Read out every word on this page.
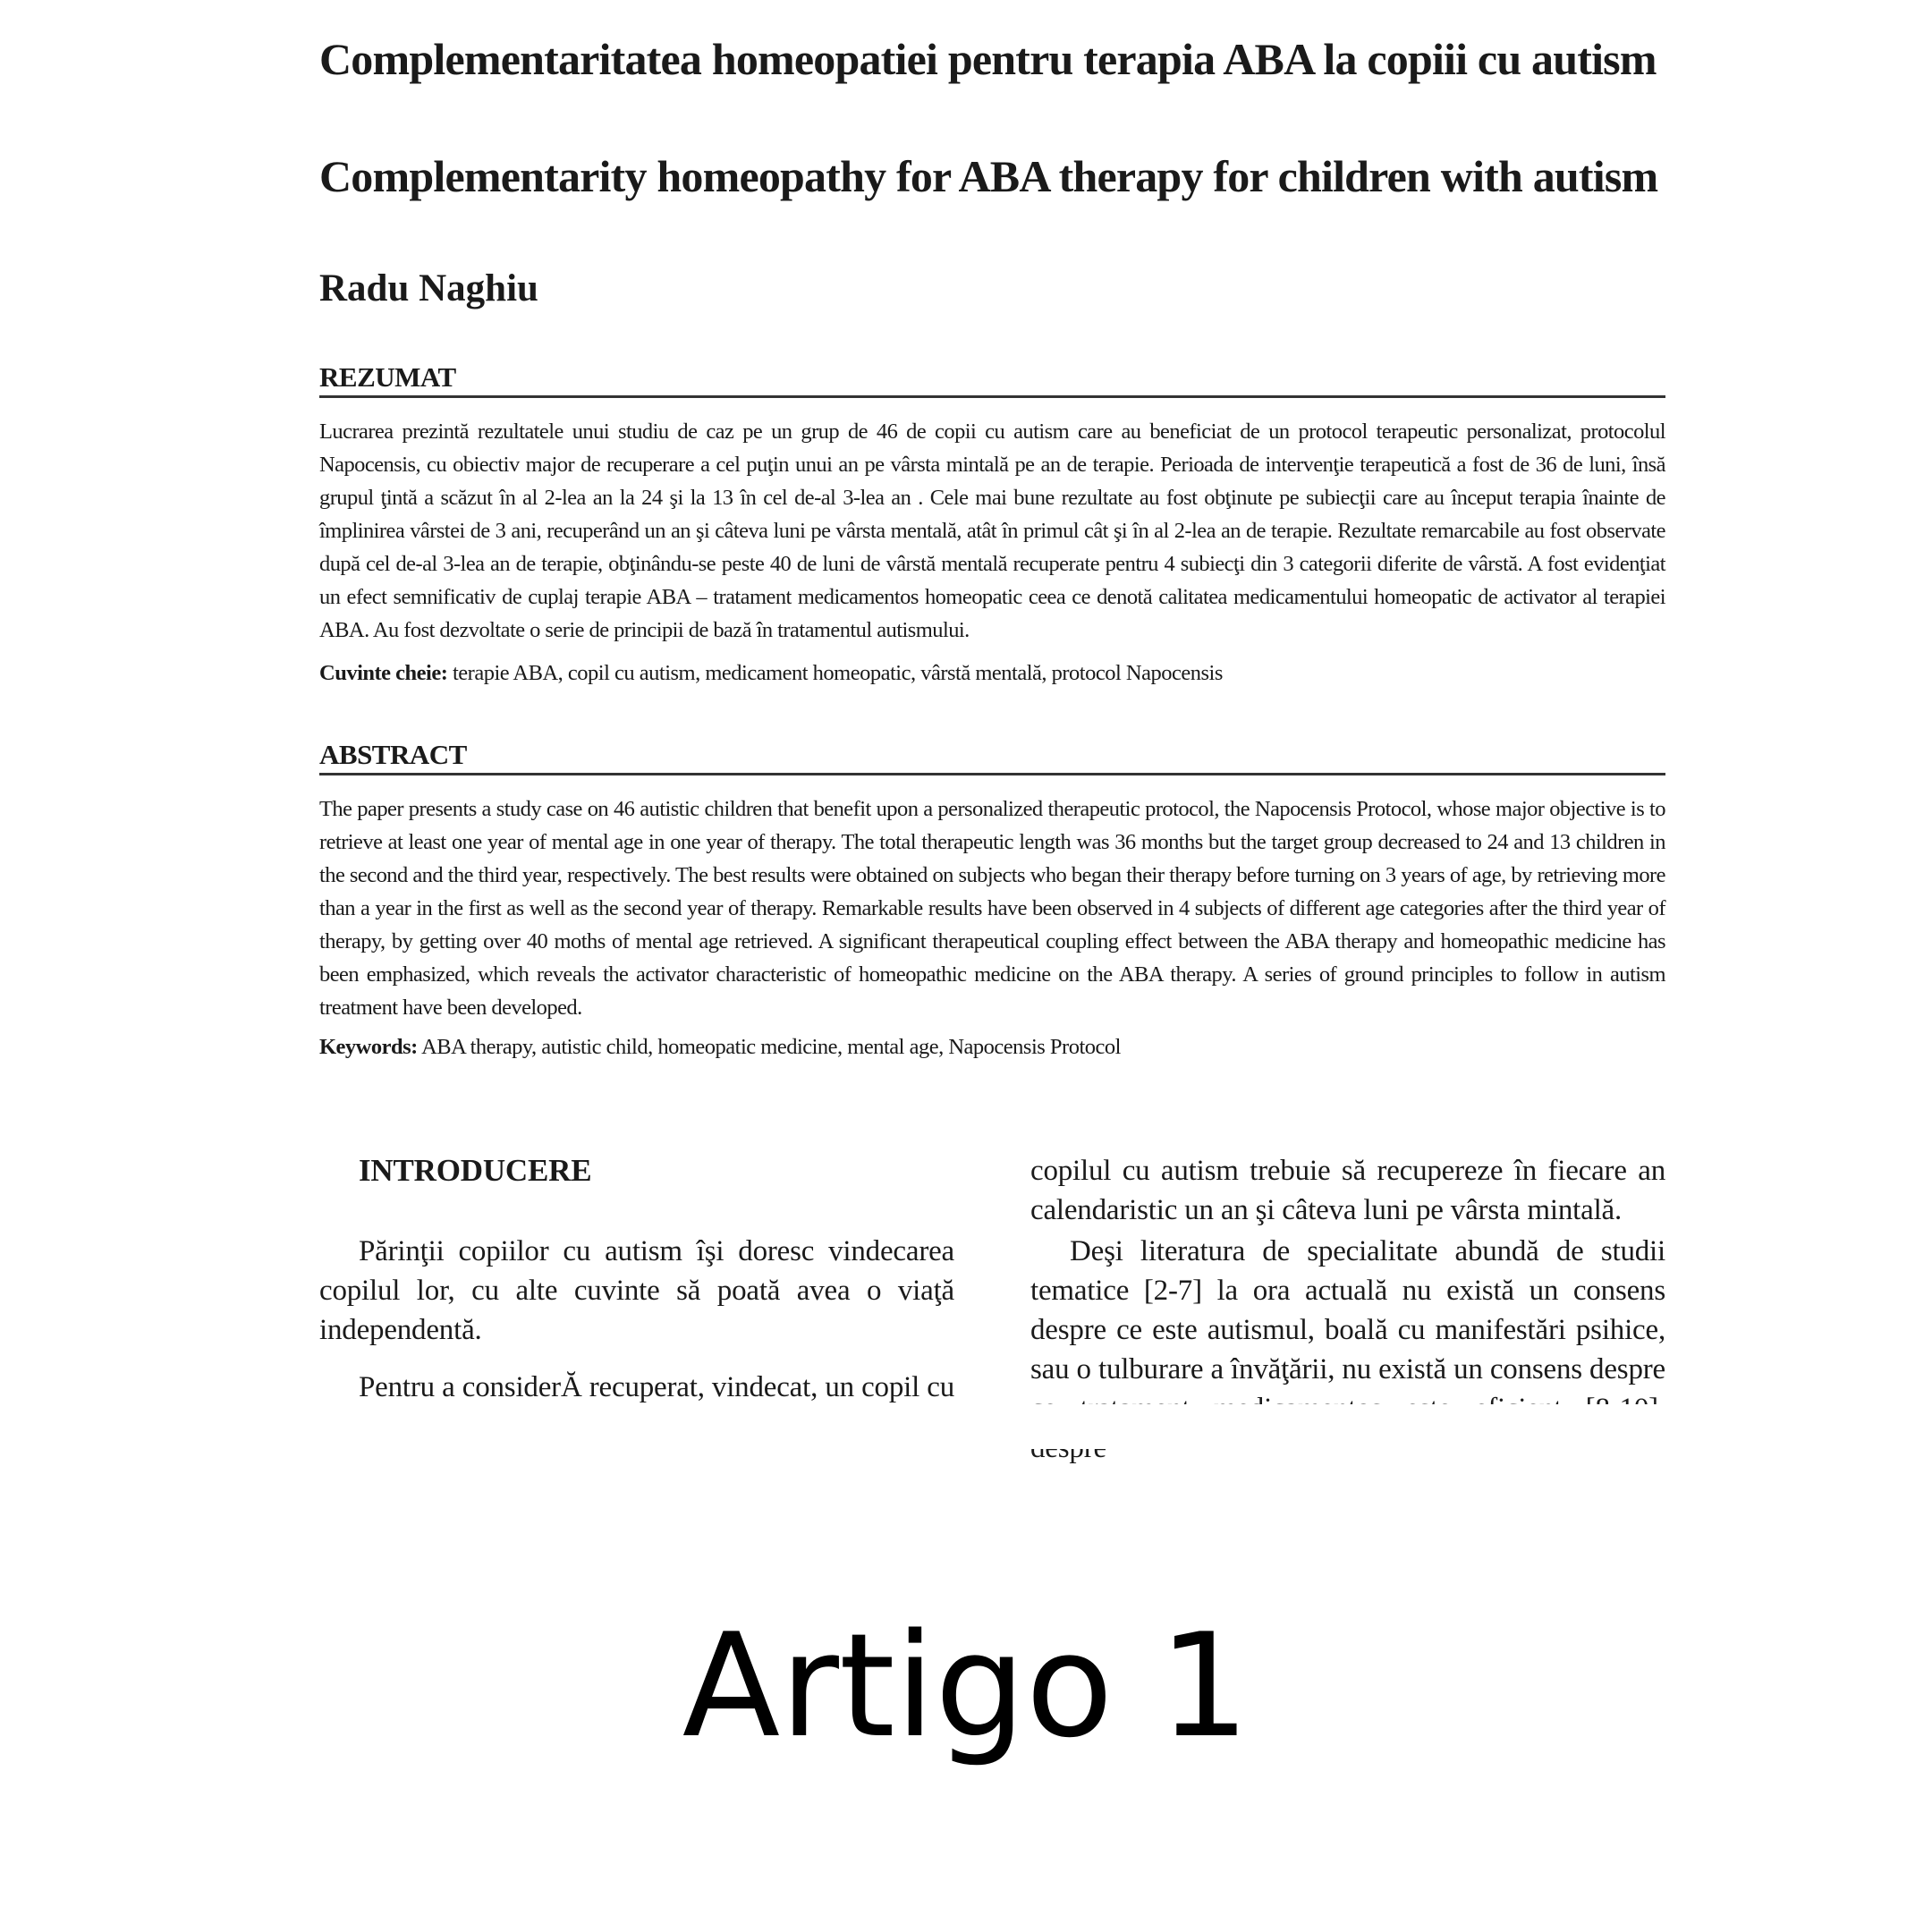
Complementaritatea homeopatiei pentru terapia ABA la copiii cu autism
Complementarity homeopathy for ABA therapy for children with autism
Radu Naghiu
REZUMAT

Lucrarea prezintă rezultatele unui studiu de caz pe un grup de 46 de copii cu autism care au beneficiat de un protocol terapeutic personalizat, protocolul Napocensis, cu obiectiv major de recuperare a cel puţin unui an pe vârsta mintală pe an de terapie. Perioada de intervenţie terapeutică a fost de 36 de luni, însă grupul ţintă a scăzut în al 2-lea an la 24 şi la 13 în cel de-al 3-lea an . Cele mai bune rezultate au fost obţinute pe subiecţii care au început terapia înainte de împlinirea vârstei de 3 ani, recuperând un an şi câteva luni pe vârsta mentală, atât în primul cât şi în al 2-lea an de terapie. Rezultate remarcabile au fost observate după cel de-al 3-lea an de terapie, obţinându-se peste 40 de luni de vârstă mentală recuperate pentru 4 subiecţi din 3 categorii diferite de vârstă. A fost evidenţiat un efect semnificativ de cuplaj terapie ABA – tratament medicamentos homeopatic ceea ce denotă calitatea medicamentului homeopatic de activator al terapiei ABA. Au fost dezvoltate o serie de principii de bază în tratamentul autismului.

Cuvinte cheie: terapie ABA, copil cu autism, medicament homeopatic, vârstă mentală, protocol Napocensis

ABSTRACT

The paper presents a study case on 46 autistic children that benefit upon a personalized therapeutic protocol, the Napocensis Protocol, whose major objective is to retrieve at least one year of mental age in one year of therapy. The total therapeutic length was 36 months but the target group decreased to 24 and 13 children in the second and the third year, respectively. The best results were obtained on subjects who began their therapy before turning on 3 years of age, by retrieving more than a year in the first as well as the second year of therapy. Remarkable results have been observed in 4 subjects of different age categories after the third year of therapy, by getting over 40 moths of mental age retrieved. A significant therapeutical coupling effect between the ABA therapy and homeopathic medicine has been emphasized, which reveals the activator characteristic of homeopathic medicine on the ABA therapy. A series of ground principles to follow in autism treatment have been developed.

Keywords: ABA therapy, autistic child, homeopatic medicine, mental age, Napocensis Protocol

INTRODUCERE

Părinţii copiilor cu autism îşi doresc vindecarea copilul lor, cu alte cuvinte să poată avea o viaţă independentă.

Pentru a considerĂ recuperat, vindecat, un copil cu

copilul cu autism trebuie să recupereze în fiecare an calendaristic un an şi câteva luni pe vârsta mintală.

Deşi literatura de specialitate abundă de studii tematice [2-7] la ora actuală nu există un consens despre ce este autismul, boală cu manifestări psihice, sau o tulburare a învăţării, nu există un consens despre

Artigo 1
